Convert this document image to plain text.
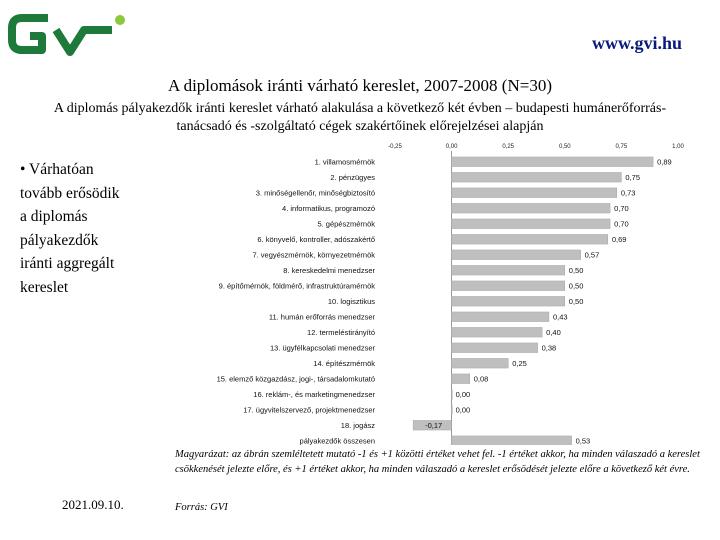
www.gvi.hu
A diplomások iránti várható kereslet, 2007-2008 (N=30)
A diplomás pályakezdők iránti kereslet várható alakulása a következő két évben – budapesti humánerőforrás-tanácsadó és -szolgáltató cégek szakértőinek előrejelzései alapján
• Várhatóan tovább erősödik a diplomás pályakezdők iránti aggregált kereslet
2021.09.10.
Magyarázat: az ábrán szemléltetett mutató -1 és +1 közötti értéket vehet fel. -1 értéket akkor, ha minden válaszadó a kereslet csökkenését jelezte előre, és +1 értéket akkor, ha minden válaszadó a kereslet erősödését jelezte előre a következő két évre.
Forrás: GVI
-0,25	0,00	0,25	0,50	0,75	1,00
1. villamosmérnök	0,89
2. pénzügyes	0,75
3. minőségellenőr, minőségbiztosító	0,73
4. informatikus, programozó	0,70
5. gépészmérnök	0,70
6. könyvelő, kontroller, adószakértő	0,69
7. vegyészmérnök, környezetmérnök	0,57
8. kereskedelmi menedzser	0,50
9. építőmérnök, földmérő, infrastruktúramérnök	0,50
10. logisztikus	0,50
11. humán erőforrás menedzser	0,43
12. termeléstirányító	0,40
13. ügyfélkapcsolati menedzser	0,38
14. építészmérnök	0,25
15. elemző közgazdász, jogi-, társadalomkutató	0,08
16. reklám-, és marketingmenedzser	0,00
17. ügyvitelszervező, projektmenedzser	0,00
18. jogász	-0,17
pályakezdők összesen	0,53
